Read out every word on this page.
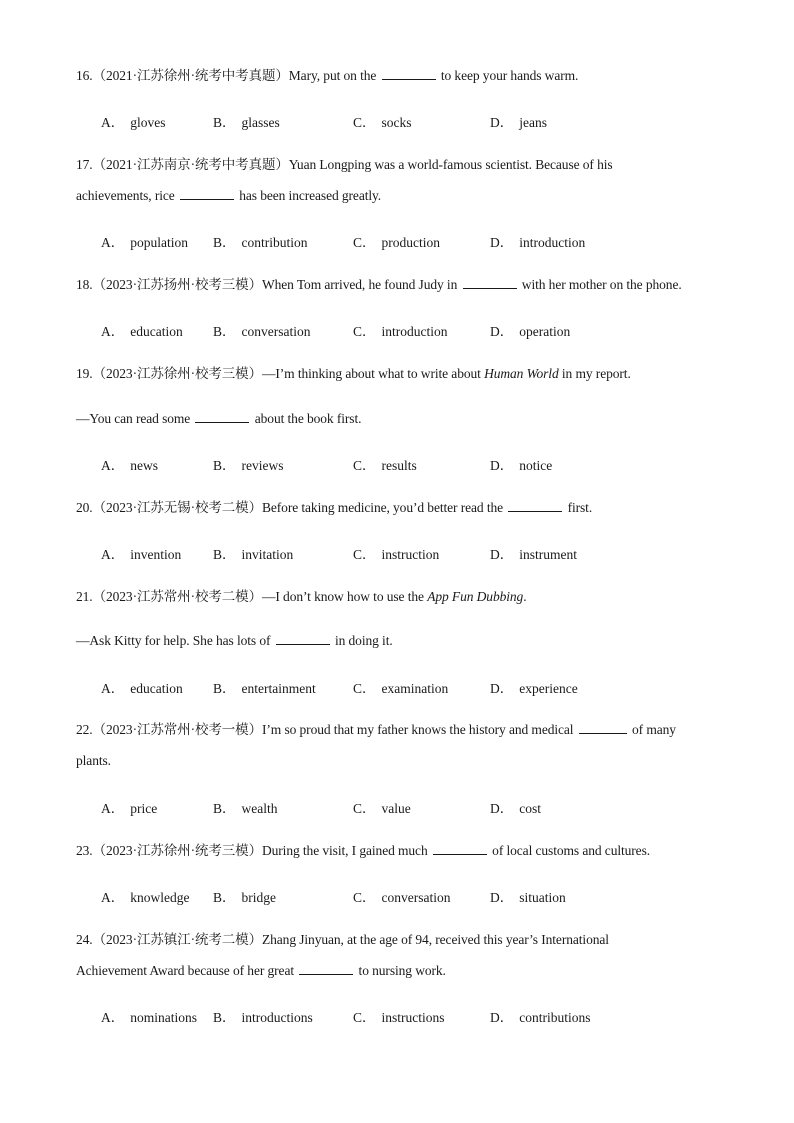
16.（2021·江苏徐州·统考中考真题）Mary, put on the	to keep your hands warm.
A． gloves	B． glasses	C． socks	D． jeans
17.（2021·江苏南京·统考中考真题）Yuan Longping was a world-famous scientist. Because of his
achievements, rice	has been increased greatly.
A． population B． contribution	C． production	D． introduction
18.（2023·江苏扬州·校考三模）When Tom arrived, he found Judy in	with her mother on the phone.
A． education B． conversation	C． introduction	D． operation
19.（2023·江苏徐州·校考三模）—I’m thinking about what to write about Human World in my report.
—You can read some	about the book first.
A． news	B． reviews	C． results	D． notice
20.（2023·江苏无锡·校考二模）Before taking medicine, you’d better read the	first.
A． invention B． invitation	C． instruction	D． instrument
21.（2023·江苏常州·校考二模）—I don’t know how to use the App Fun Dubbing.
—Ask Kitty for help. She has lots of	in doing it.
A． education B． entertainment	C． examination	D． experience
22.（2023·江苏常州·校考一模）I’m so proud that my father knows the history and medical	of many
plants.
A． price	B． wealth	C． value	D． cost
23.（2023·江苏徐州·统考三模）During the visit, I gained much	of local customs and cultures.
A． knowledge B． bridge	C． conversation	D． situation
24.（2023·江苏镇江·统考二模）Zhang Jinyuan, at the age of 94, received this year’s International
Achievement Award because of her great	to nursing work.
A． nominations B． introductions	C． instructions	D． contributions
